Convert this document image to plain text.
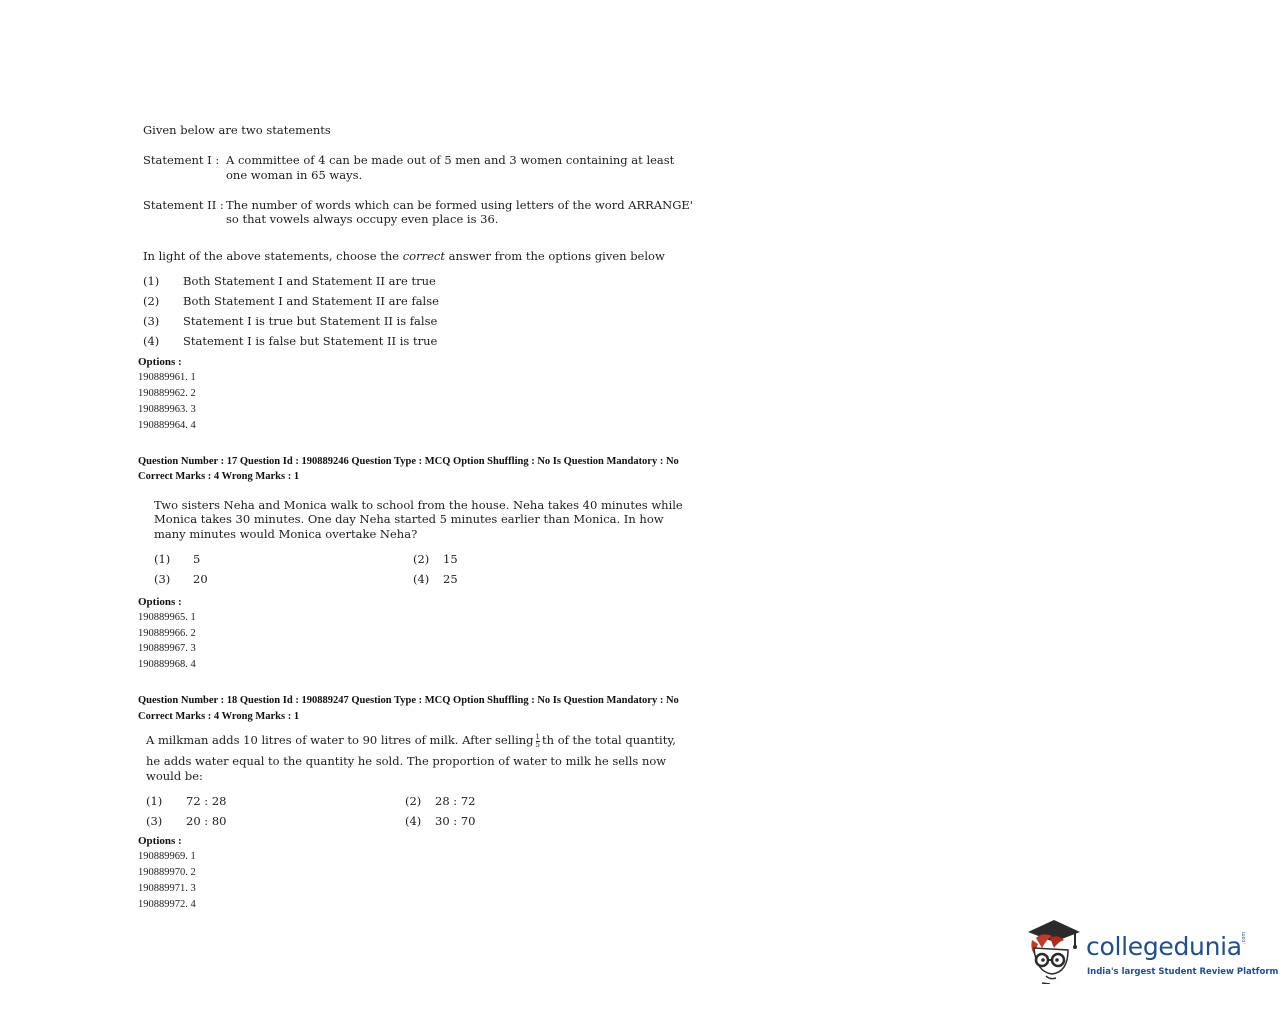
Given below are two statements
Statement I : A committee of 4 can be made out of 5 men and 3 women containing at least
one woman in 65 ways.
Statement II : The number of words which can be formed using letters of the word ARRANGE'
so that vowels always occupy even place is 36.
In light of the above statements, choose the correct answer from the options given below
(1) Both Statement I and Statement II are true
(2) Both Statement I and Statement II are false
(3) Statement I is true but Statement II is false
(4) Statement I is false but Statement II is true
Options :
190889961. 1
190889962. 2
190889963. 3
190889964. 4
Question Number : 17 Question Id : 190889246 Question Type : MCQ Option Shuffling : No Is Question Mandatory : No
Correct Marks : 4 Wrong Marks : 1
Two sisters Neha and Monica walk to school from the house. Neha takes 40 minutes while
Monica takes 30 minutes. One day Neha started 5 minutes earlier than Monica. In how
many minutes would Monica overtake Neha?
(1) 5	(2) 15
(3) 20	(4) 25
Options :
190889965. 1
190889966. 2
190889967. 3
190889968. 4
Question Number : 18 Question Id : 190889247 Question Type : MCQ Option Shuffling : No Is Question Mandatory : No
Correct Marks : 4 Wrong Marks : 1
A milkman adds 10 litres of water to 90 litres of milk. After selling $\frac{1}{5}$ th of the total quantity,
he adds water equal to the quantity he sold. The proportion of water to milk he sells now
would be:
(1) 72 : 28	(2) 28 : 72
(3) 20 : 80	(4) 30 : 70
Options :
190889969. 1
190889970. 2
190889971. 3
190889972. 4
collegedunia .com
India's largest Student Review Platform
